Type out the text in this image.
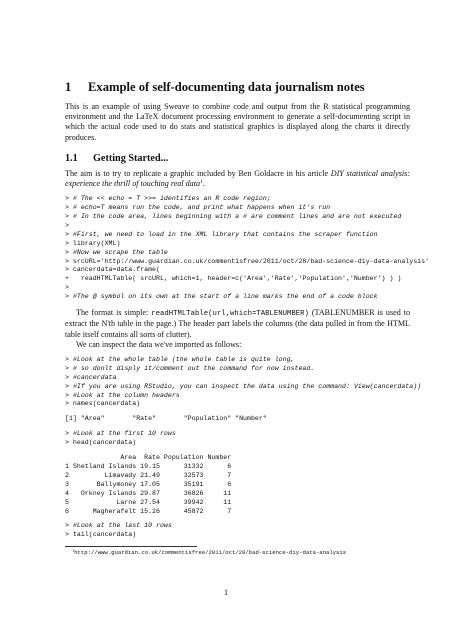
1 Example of self-documenting data journalism notes

This is an example of using Sweave to combine code and output from the R statistical programming environment and the LaTeX document processing environment to generate a self-documenting script in which the actual code used to do stats and statistical graphics is displayed along the charts it directly produces.

1.1 Getting Started...

The aim is to try to replicate a graphic included by Ben Goldacre in his article DIY statistical analysis: experience the thrill of touching real data$^1$.

> # The << echo = T >>= identifies an R code region;
> # echo=T means run the code, and print what happens when it's run
> # In the code area, lines beginning with a # are comment lines and are not executed
>
> #First, we need to load in the XML library that contains the scraper function
> library(XML)
> #Now we scrape the table
> srcURL='http://www.guardian.co.uk/commentisfree/2011/oct/28/bad-science-diy-data-analysis'
> cancerdata=data.frame(
+   readHTMLTable( srcURL, which=1, header=c('Area','Rate','Population','Number') ) )
>
> #The @ symbol on its own at the start of a line marks the end of a code block

The format is simple: readHTMLTable(url,which=TABLENUMBER) (TABLENUMBER is used to extract the N'th table in the page.) The header part labels the columns (the data pulled in from the HTML table itself contains all sorts of clutter).

We can inspect the data we've imported as follows:

> #Look at the whole table (the whole table is quite long,
> # so donlt disply it/comment out the command for now instead.
> #cancerdata
> #If you are using RStudio, you can inspect the data using the command: View(cancerdata))
> #Look at the column headers
> names(cancerdata)
[1] "Area"       "Rate"       "Population" "Number"
> #Look at the first 10 rows
> head(cancerdata)
Area  Rate Population Number
1 Shetland Islands 19.15      31332      6
2         Limavady 21.49      32573      7
3       Ballymoney 17.05      35191      6
4   Orkney Islands 29.87      36826     11
5            Larne 27.54      39942     11
6      Magherafelt 15.26      45872      7
> #Look at the last 10 rows
> tail(cancerdata)
$^1$http://www.guardian.co.uk/commentisfree/2011/oct/28/bad-science-diy-data-analysis
1
